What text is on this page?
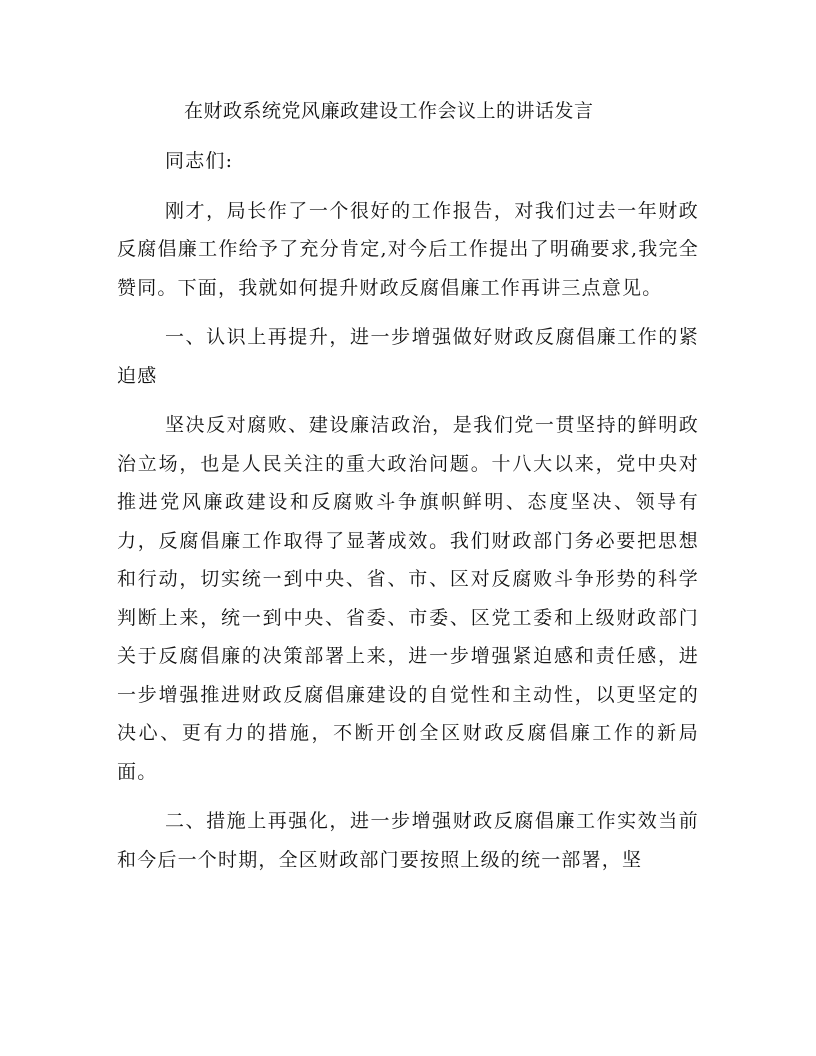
在财政系统党风廉政建设工作会议上的讲话发言

同志们:

刚才，局长作了一个很好的工作报告，对我们过去一年财政反腐倡廉工作给予了充分肯定,对今后工作提出了明确要求,我完全赞同。下面，我就如何提升财政反腐倡廉工作再讲三点意见。

一、认识上再提升，进一步增强做好财政反腐倡廉工作的紧迫感

坚决反对腐败、建设廉洁政治，是我们党一贯坚持的鲜明政治立场，也是人民关注的重大政治问题。十八大以来，党中央对推进党风廉政建设和反腐败斗争旗帜鲜明、态度坚决、领导有力，反腐倡廉工作取得了显著成效。我们财政部门务必要把思想和行动，切实统一到中央、省、市、区对反腐败斗争形势的科学判断上来，统一到中央、省委、市委、区党工委和上级财政部门关于反腐倡廉的决策部署上来，进一步增强紧迫感和责任感，进一步增强推进财政反腐倡廉建设的自觉性和主动性，以更坚定的决心、更有力的措施，不断开创全区财政反腐倡廉工作的新局面。

二、措施上再强化，进一步增强财政反腐倡廉工作实效当前和今后一个时期，全区财政部门要按照上级的统一部署，坚
